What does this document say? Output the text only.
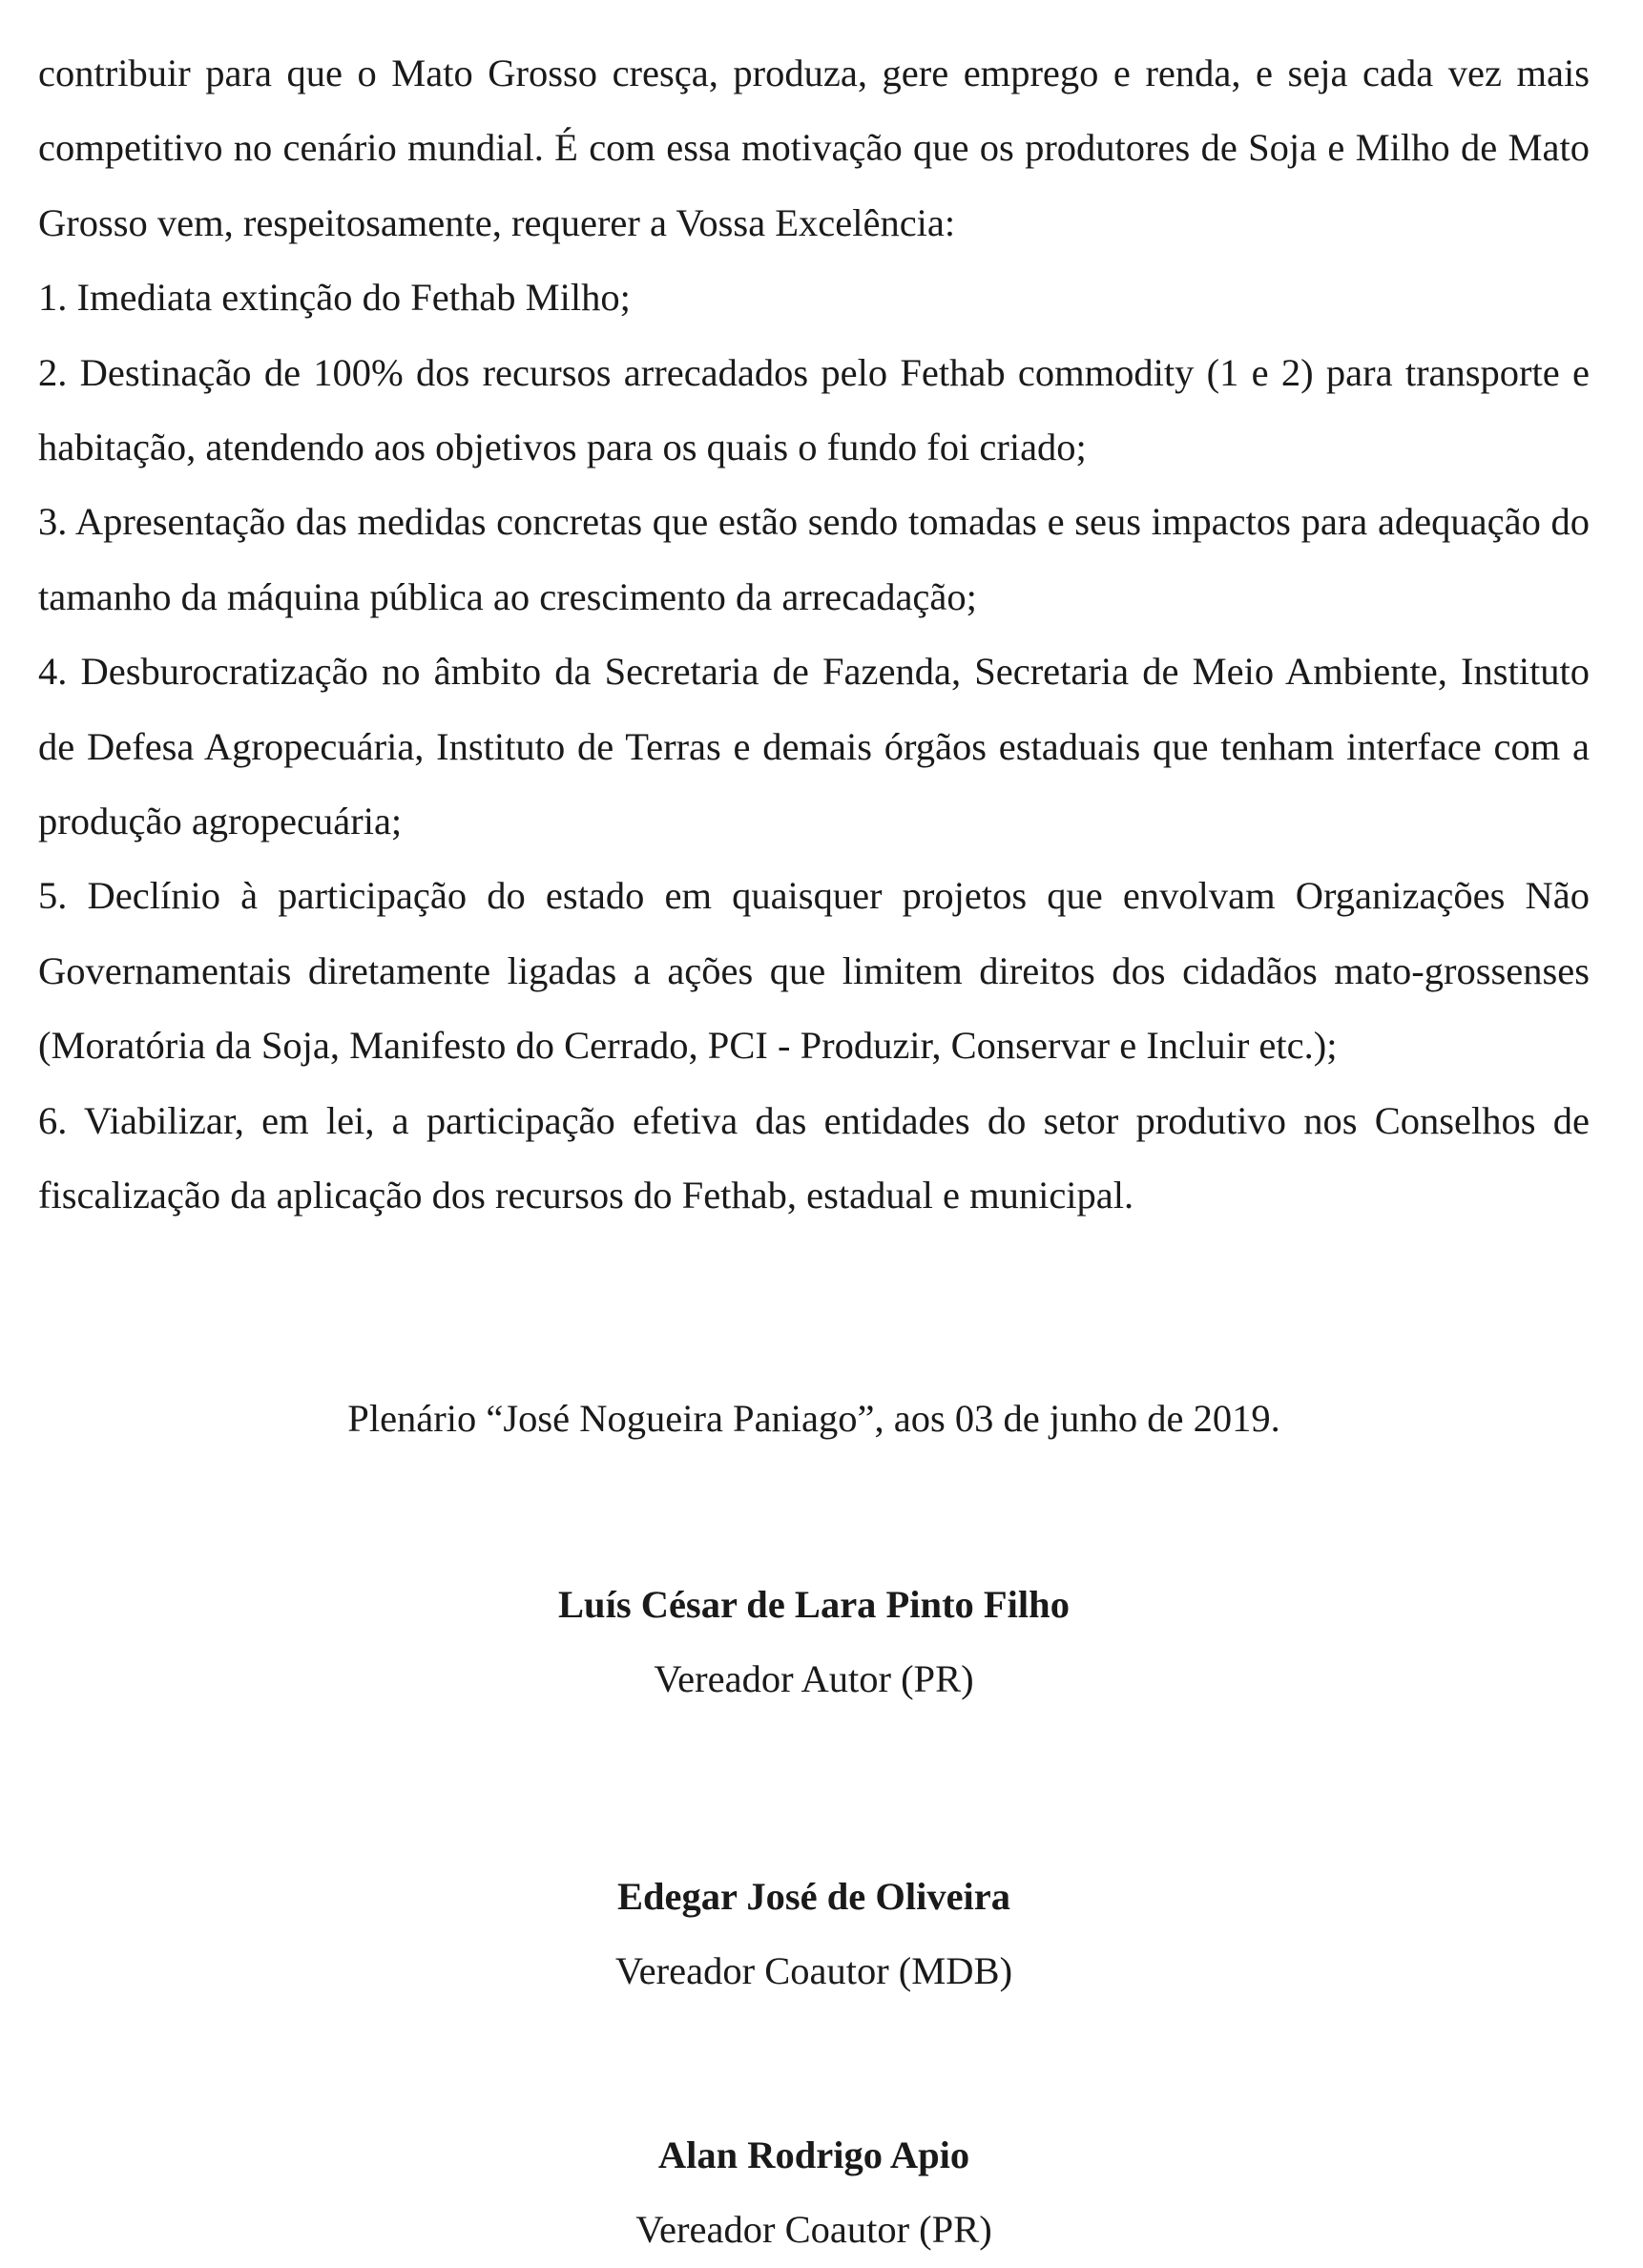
contribuir para que o Mato Grosso cresça, produza, gere emprego e renda, e seja cada vez mais competitivo no cenário mundial. É com essa motivação que os produtores de Soja e Milho de Mato Grosso vem, respeitosamente, requerer a Vossa Excelência:

1. Imediata extinção do Fethab Milho;

2. Destinação de 100% dos recursos arrecadados pelo Fethab commodity (1 e 2) para transporte e habitação, atendendo aos objetivos para os quais o fundo foi criado;

3. Apresentação das medidas concretas que estão sendo tomadas e seus impactos para adequação do tamanho da máquina pública ao crescimento da arrecadação;

4. Desburocratização no âmbito da Secretaria de Fazenda, Secretaria de Meio Ambiente, Instituto de Defesa Agropecuária, Instituto de Terras e demais órgãos estaduais que tenham interface com a produção agropecuária;

5. Declínio à participação do estado em quaisquer projetos que envolvam Organizações Não Governamentais diretamente ligadas a ações que limitem direitos dos cidadãos mato-grossenses (Moratória da Soja, Manifesto do Cerrado, PCI - Produzir, Conservar e Incluir etc.);

6. Viabilizar, em lei, a participação efetiva das entidades do setor produtivo nos Conselhos de fiscalização da aplicação dos recursos do Fethab, estadual e municipal.

Plenário “José Nogueira Paniago”, aos 03 de junho de 2019.

Luís César de Lara Pinto Filho
Vereador Autor (PR)
Edegar José de Oliveira
Vereador Coautor (MDB)
Alan Rodrigo Apio
Vereador Coautor (PR)
